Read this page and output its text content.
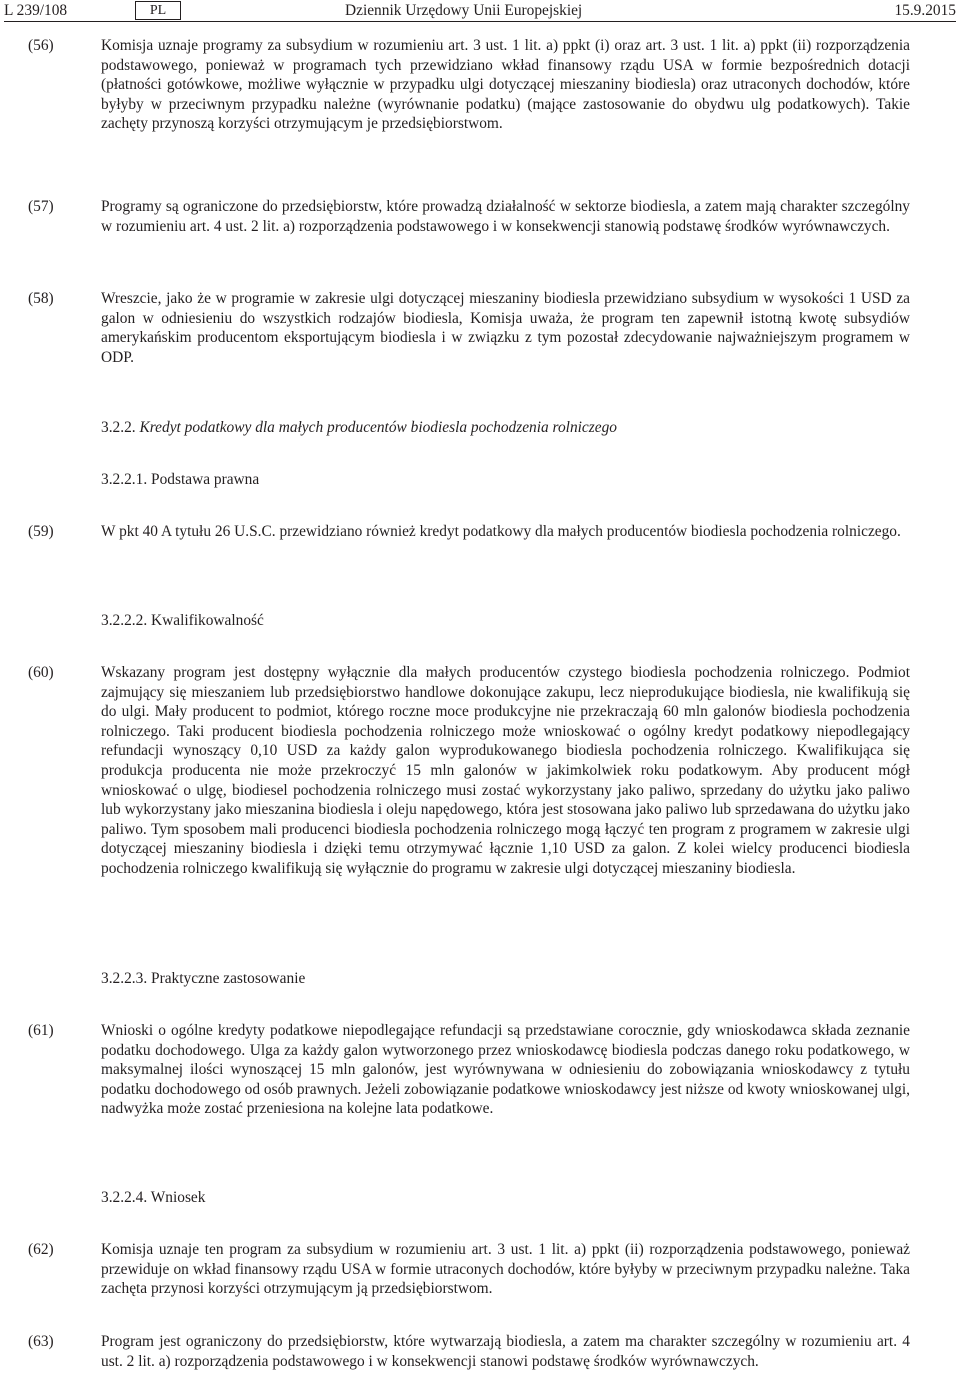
L 239/108	PL	Dziennik Urzędowy Unii Europejskiej	15.9.2015
(56)	Komisja uznaje programy za subsydium w rozumieniu art. 3 ust. 1 lit. a) ppkt (i) oraz art. 3 ust. 1 lit. a) ppkt (ii) rozporządzenia podstawowego, ponieważ w programach tych przewidziano wkład finansowy rządu USA w formie bezpośrednich dotacji (płatności gotówkowe, możliwe wyłącznie w przypadku ulgi dotyczącej mieszaniny biodiesla) oraz utraconych dochodów, które byłyby w przeciwnym przypadku należne (wyrównanie podatku) (mające zastosowanie do obydwu ulg podatkowych). Takie zachęty przynoszą korzyści otrzymującym je przedsiębiorstwom.
(57)	Programy są ograniczone do przedsiębiorstw, które prowadzą działalność w sektorze biodiesla, a zatem mają charakter szczególny w rozumieniu art. 4 ust. 2 lit. a) rozporządzenia podstawowego i w konsekwencji stanowią podstawę środków wyrównawczych.
(58)	Wreszcie, jako że w programie w zakresie ulgi dotyczącej mieszaniny biodiesla przewidziano subsydium w wysokości 1 USD za galon w odniesieniu do wszystkich rodzajów biodiesla, Komisja uważa, że program ten zapewnił istotną kwotę subsydiów amerykańskim producentom eksportującym biodiesla i w związku z tym pozostał zdecydowanie najważniejszym programem w ODP.
3.2.2. Kredyt podatkowy dla małych producentów biodiesla pochodzenia rolniczego
3.2.2.1. Podstawa prawna
(59)	W pkt 40 A tytułu 26 U.S.C. przewidziano również kredyt podatkowy dla małych producentów biodiesla pochodzenia rolniczego.
3.2.2.2. Kwalifikowalność
(60)	Wskazany program jest dostępny wyłącznie dla małych producentów czystego biodiesla pochodzenia rolniczego. Podmiot zajmujący się mieszaniem lub przedsiębiorstwo handlowe dokonujące zakupu, lecz nieprodukujące biodiesla, nie kwalifikują się do ulgi. Mały producent to podmiot, którego roczne moce produkcyjne nie przekraczają 60 mln galonów biodiesla pochodzenia rolniczego. Taki producent biodiesla pochodzenia rolniczego może wnioskować o ogólny kredyt podatkowy niepodlegający refundacji wynoszący 0,10 USD za każdy galon wyprodukowanego biodiesla pochodzenia rolniczego. Kwalifikująca się produkcja producenta nie może przekroczyć 15 mln galonów w jakimkolwiek roku podatkowym. Aby producent mógł wnioskować o ulgę, biodiesel pochodzenia rolniczego musi zostać wykorzystany jako paliwo, sprzedany do użytku jako paliwo lub wykorzystany jako mieszanina biodiesla i oleju napędowego, która jest stosowana jako paliwo lub sprzedawana do użytku jako paliwo. Tym sposobem mali producenci biodiesla pochodzenia rolniczego mogą łączyć ten program z programem w zakresie ulgi dotyczącej mieszaniny biodiesla i dzięki temu otrzymywać łącznie 1,10 USD za galon. Z kolei wielcy producenci biodiesla pochodzenia rolniczego kwalifikują się wyłącznie do programu w zakresie ulgi dotyczącej mieszaniny biodiesla.
3.2.2.3. Praktyczne zastosowanie
(61)	Wnioski o ogólne kredyty podatkowe niepodlegające refundacji są przedstawiane corocznie, gdy wnioskodawca składa zeznanie podatku dochodowego. Ulga za każdy galon wytworzonego przez wnioskodawcę biodiesla podczas danego roku podatkowego, w maksymalnej ilości wynoszącej 15 mln galonów, jest wyrównywana w odniesieniu do zobowiązania wnioskodawcy z tytułu podatku dochodowego od osób prawnych. Jeżeli zobowiązanie podatkowe wnioskodawcy jest niższe od kwoty wnioskowanej ulgi, nadwyżka może zostać przeniesiona na kolejne lata podatkowe.
3.2.2.4. Wniosek
(62)	Komisja uznaje ten program za subsydium w rozumieniu art. 3 ust. 1 lit. a) ppkt (ii) rozporządzenia podstawowego, ponieważ przewiduje on wkład finansowy rządu USA w formie utraconych dochodów, które byłyby w przeciwnym przypadku należne. Taka zachęta przynosi korzyści otrzymującym ją przedsiębiorstwom.
(63)	Program jest ograniczony do przedsiębiorstw, które wytwarzają biodiesla, a zatem ma charakter szczególny w rozumieniu art. 4 ust. 2 lit. a) rozporządzenia podstawowego i w konsekwencji stanowi podstawę środków wyrównawczych.
